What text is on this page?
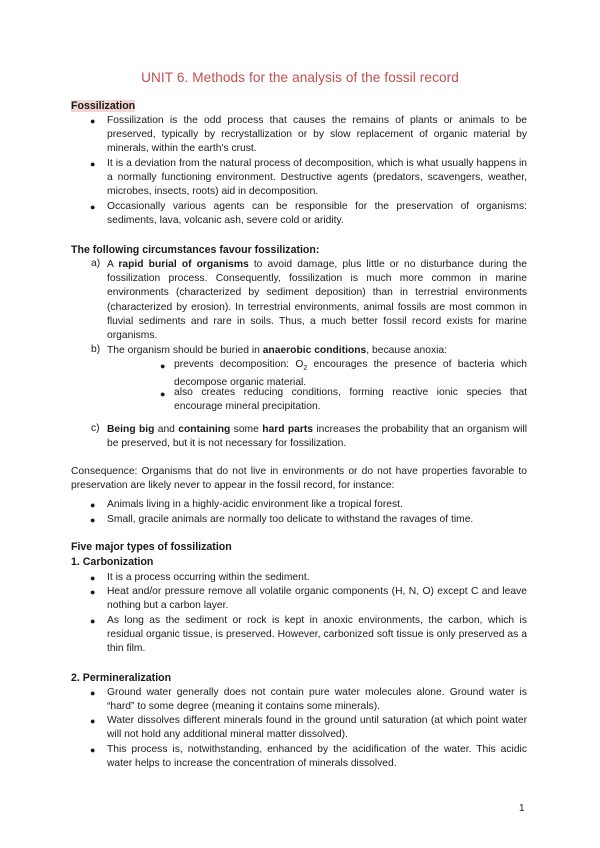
UNIT 6. Methods for the analysis of the fossil record
Fossilization
● Fossilization is the odd process that causes the remains of plants or animals to be preserved, typically by recrystallization or by slow replacement of organic material by minerals, within the earth's crust.
● It is a deviation from the natural process of decomposition, which is what usually happens in a normally functioning environment. Destructive agents (predators, scavengers, weather, microbes, insects, roots) aid in decomposition.
● Occasionally various agents can be responsible for the preservation of organisms: sediments, lava, volcanic ash, severe cold or aridity.
The following circumstances favour fossilization:
a) A rapid burial of organisms to avoid damage, plus little or no disturbance during the fossilization process. Consequently, fossilization is much more common in marine environments (characterized by sediment deposition) than in terrestrial environments (characterized by erosion). In terrestrial environments, animal fossils are most common in fluvial sediments and rare in soils. Thus, a much better fossil record exists for marine organisms.
b) The organism should be buried in anaerobic conditions, because anoxia:
● prevents decomposition: $O_2$ encourages the presence of bacteria which decompose organic material.
● also creates reducing conditions, forming reactive ionic species that encourage mineral precipitation.
c) Being big and containing some hard parts increases the probability that an organism will be preserved, but it is not necessary for fossilization.
Consequence: Organisms that do not live in environments or do not have properties favorable to preservation are likely never to appear in the fossil record, for instance:
● Animals living in a highly-acidic environment like a tropical forest.
● Small, gracile animals are normally too delicate to withstand the ravages of time.
Five major types of fossilization
1. Carbonization
● It is a process occurring within the sediment.
● Heat and/or pressure remove all volatile organic components (H, N, O) except C and leave nothing but a carbon layer.
● As long as the sediment or rock is kept in anoxic environments, the carbon, which is residual organic tissue, is preserved. However, carbonized soft tissue is only preserved as a thin film.
2. Permineralization
● Ground water generally does not contain pure water molecules alone. Ground water is “hard” to some degree (meaning it contains some minerals).
● Water dissolves different minerals found in the ground until saturation (at which point water will not hold any additional mineral matter dissolved).
● This process is, notwithstanding, enhanced by the acidification of the water. This acidic water helps to increase the concentration of minerals dissolved.
1
